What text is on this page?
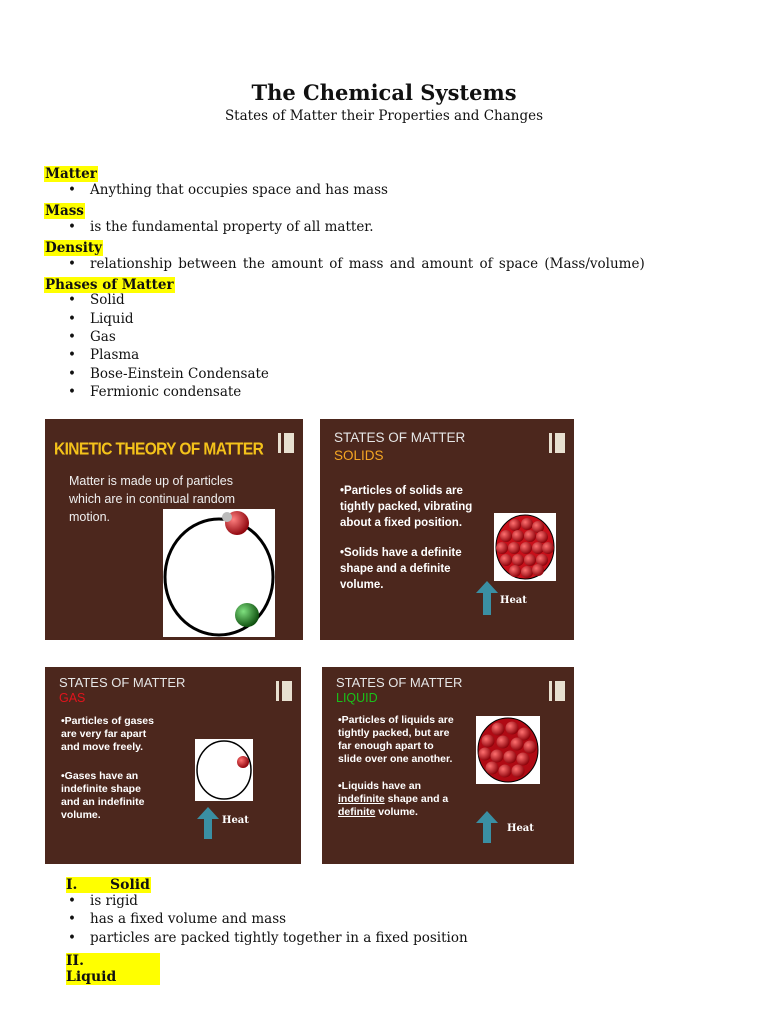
The Chemical Systems
States of Matter their Properties and Changes
Matter
• Anything that occupies space and has mass
Mass
• is the fundamental property of all matter.
Density
• relationship between the amount of mass and amount of space (Mass/volume)
Phases of Matter
• Solid
• Liquid
• Gas
• Plasma
• Bose-Einstein Condensate
• Fermionic condensate
KINETIC THEORY OF MATTER
Matter is made up of particles
which are in continual random
motion.
STATES OF MATTER
SOLIDS
•Particles of solids are
tightly packed, vibrating
about a fixed position.
•Solids have a definite
shape and a definite
volume.
Heat
STATES OF MATTER
GAS
•Particles of gases
are very far apart
and move freely.
•Gases have an
indefinite shape
and an indefinite
volume.	Heat
STATES OF MATTER
LIQUID
•Particles of liquids are
tightly packed, but are
far enough apart to
slide over one another.
•Liquids have an
indefinite shape and a
definite volume.
Heat
I. Solid
• is rigid
• has a fixed volume and mass
• particles are packed tightly together in a fixed position
II.Liquid
